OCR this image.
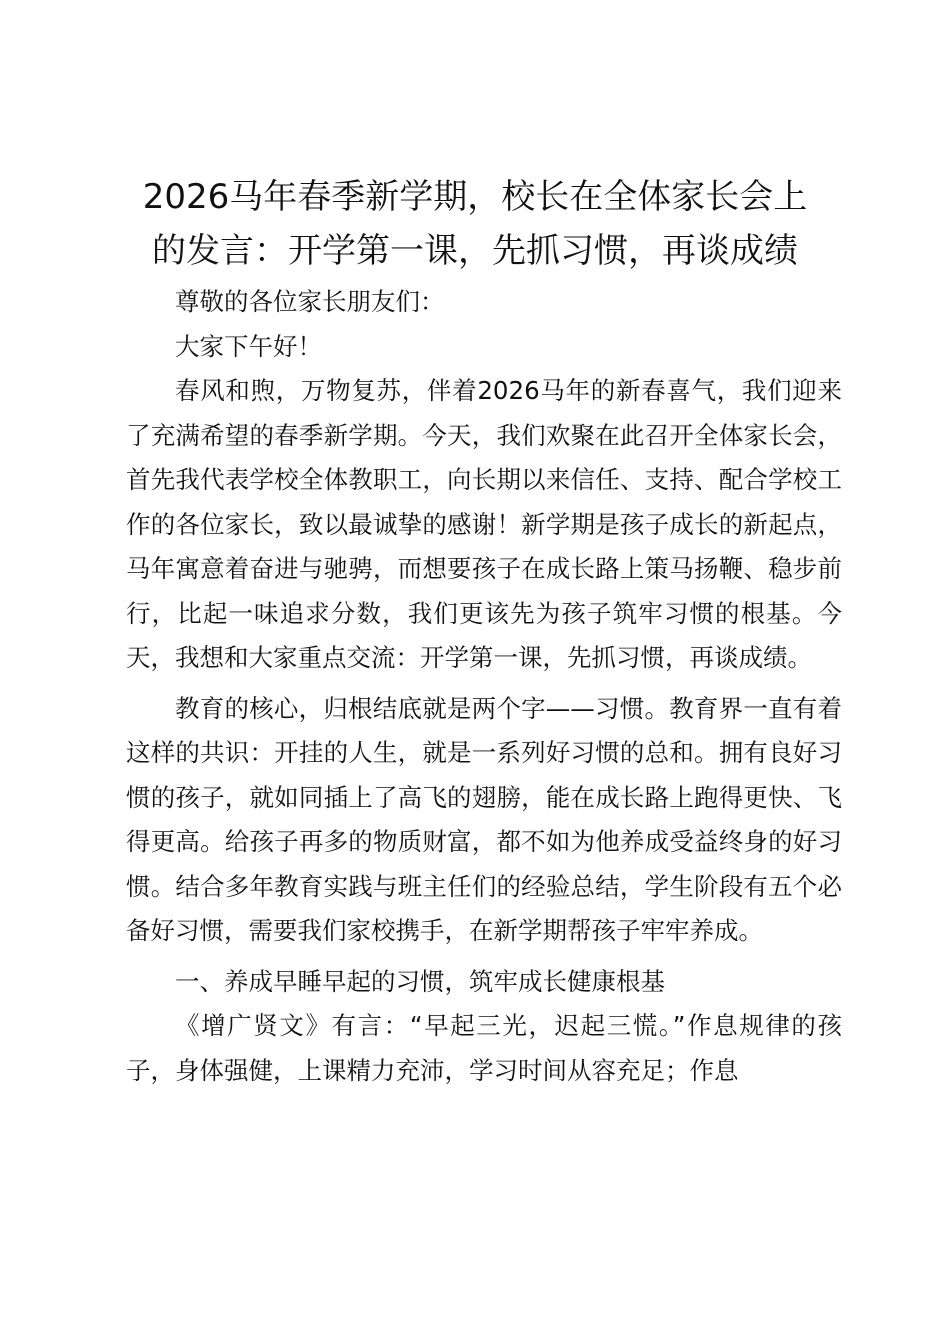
2026马年春季新学期，校长在全体家长会上
的发言：开学第一课，先抓习惯，再谈成绩

尊敬的各位家长朋友们：

大家下午好！

春风和煦，万物复苏，伴着2026马年的新春喜气，我们迎来了充满希望的春季新学期。今天，我们欢聚在此召开全体家长会，首先我代表学校全体教职工，向长期以来信任、支持、配合学校工作的各位家长，致以最诚挚的感谢！新学期是孩子成长的新起点，马年寓意着奋进与驰骋，而想要孩子在成长路上策马扬鞭、稳步前行，比起一味追求分数，我们更该先为孩子筑牢习惯的根基。今天，我想和大家重点交流：开学第一课，先抓习惯，再谈成绩。

教育的核心，归根结底就是两个字——习惯。教育界一直有着这样的共识：开挂的人生，就是一系列好习惯的总和。拥有良好习惯的孩子，就如同插上了高飞的翅膀，能在成长路上跑得更快、飞得更高。给孩子再多的物质财富，都不如为他养成受益终身的好习惯。结合多年教育实践与班主任们的经验总结，学生阶段有五个必备好习惯，需要我们家校携手，在新学期帮孩子牢牢养成。

一、养成早睡早起的习惯，筑牢成长健康根基

《增广贤文》有言：“早起三光，迟起三慌。”作息规律的孩子，身体强健，上课精力充沛，学习时间从容充足；作息
